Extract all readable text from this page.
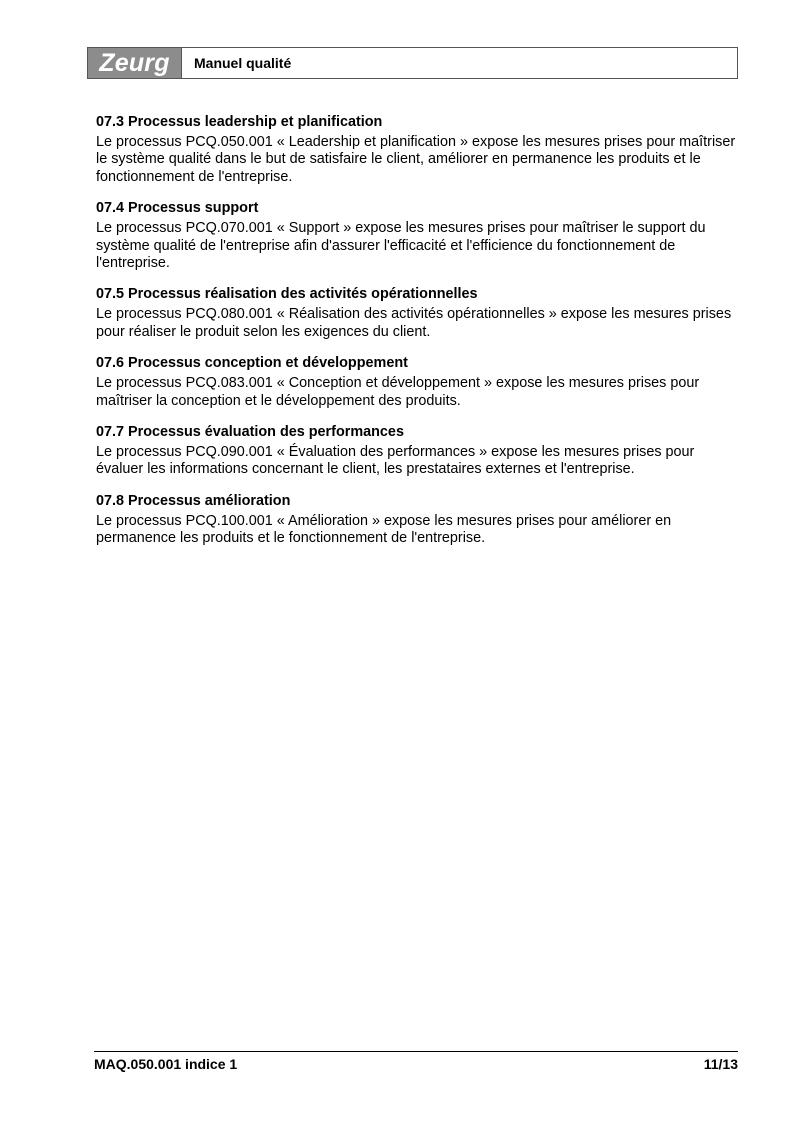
Zeurg	Manuel qualité

07.3 Processus leadership et planification

Le processus PCQ.050.001 « Leadership et planification » expose les mesures prises pour maîtriser le système qualité dans le but de satisfaire le client, améliorer en permanence les produits et le fonctionnement de l'entreprise.

07.4 Processus support

Le processus PCQ.070.001 « Support » expose les mesures prises pour maîtriser le support du système qualité de l'entreprise afin d'assurer l'efficacité et l'efficience du fonctionnement de l'entreprise.

07.5 Processus réalisation des activités opérationnelles

Le processus PCQ.080.001 « Réalisation des activités opérationnelles » expose les mesures prises pour réaliser le produit selon les exigences du client.

07.6 Processus conception et développement

Le processus PCQ.083.001 « Conception et développement » expose les mesures prises pour maîtriser la conception et le développement des produits.

07.7 Processus évaluation des performances

Le processus PCQ.090.001 « Évaluation des performances » expose les mesures prises pour évaluer les informations concernant le client, les prestataires externes et l'entreprise.

07.8 Processus amélioration

Le processus PCQ.100.001 « Amélioration » expose les mesures prises pour améliorer en permanence les produits et le fonctionnement de l'entreprise.

MAQ.050.001 indice 1	11/13
